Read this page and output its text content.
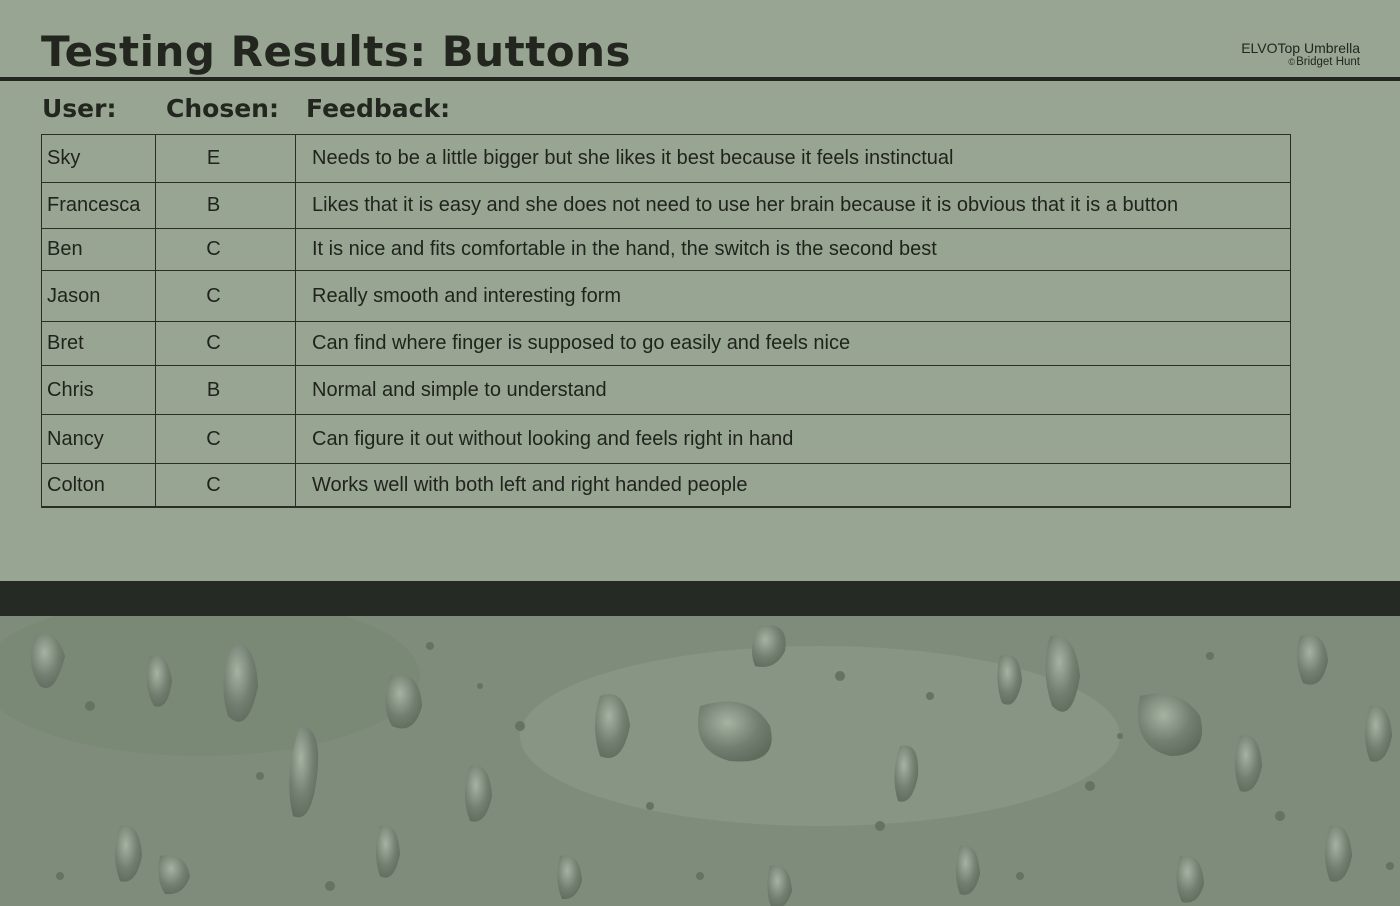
Testing Results: Buttons	ELVOTop Umbrella
©Bridget Hunt
User: Chosen: Feedback:
Sky	E	Needs to be a little bigger but she likes it best because it feels instinctual
Francesca	B	Likes that it is easy and she does not need to use her brain because it is obvious that it is a button
Ben	C	It is nice and fits comfortable in the hand, the switch is the second best
Jason	C	Really smooth and interesting form
Bret	C	Can find where finger is supposed to go easily and feels nice
Chris	B	Normal and simple to understand
Nancy	C	Can figure it out without looking and feels right in hand
Colton	C	Works well with both left and right handed people
